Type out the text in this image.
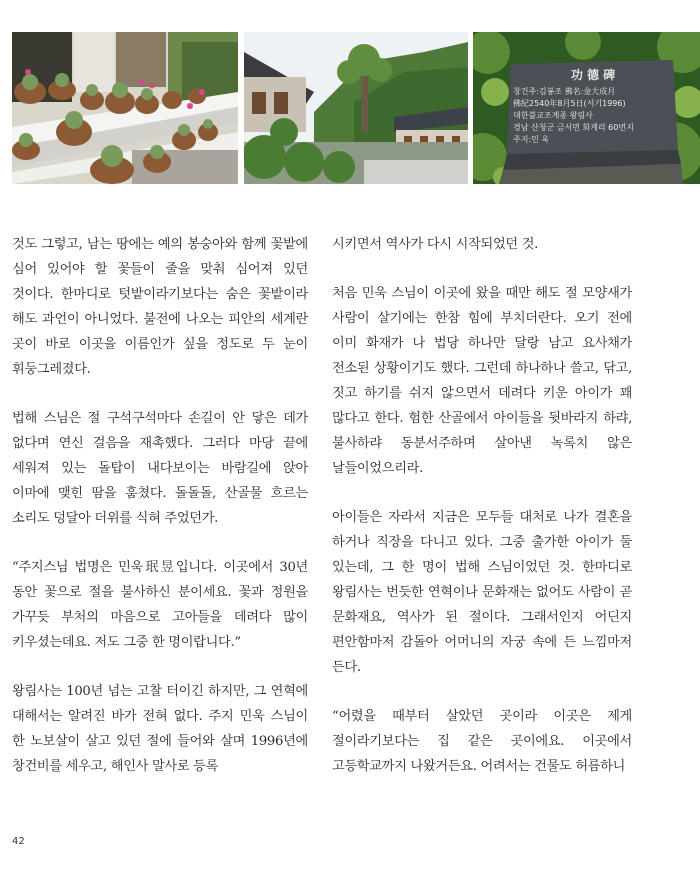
功 德 碑
창건주:김봉조 佛名:金大成月
佛紀2540年8月5日(서기1996)
대한불교조계종 왕림사
경남 산청군 금서면 화계리 60번지
주지:민 욱

것도 그렇고, 남는 땅에는 예의 봉숭아와 함께 꽃밭에 심어 있어야 할 꽃들이 줄을 맞춰 심어져 있던 것이다. 한마디로 텃밭이라기보다는 숨은 꽃밭이라 해도 과언이 아니었다. 불전에 나오는 피안의 세계란 곳이 바로 이곳을 이름인가 싶을 정도로 두 눈이 휘둥그레졌다.

법해 스님은 절 구석구석마다 손길이 안 닿은 데가 없다며 연신 걸음을 재촉했다. 그러다 마당 끝에 세워져 있는 돌탑이 내다보이는 바람길에 앉아 이마에 맺힌 땀을 훔쳤다. 돌돌돌, 산골물 흐르는 소리도 덩달아 더위를 식혀 주었던가.

“주지스님 법명은 민욱珉昱입니다. 이곳에서 30년 동안 꽃으로 절을 불사하신 분이세요. 꽃과 정원을 가꾸듯 부처의 마음으로 고아들을 데려다 많이 키우셨는데요. 저도 그중 한 명이랍니다.”

왕림사는 100년 넘는 고찰 터이긴 하지만, 그 연혁에 대해서는 알려진 바가 전혀 없다. 주지 민욱 스님이 한 노보살이 살고 있던 절에 들어와 살며 1996년에 창건비를 세우고, 해인사 말사로 등록

시키면서 역사가 다시 시작되었던 것.

처음 민욱 스님이 이곳에 왔을 때만 해도 절 모양새가 사람이 살기에는 한참 힘에 부치더란다. 오기 전에 이미 화재가 나 법당 하나만 달랑 남고 요사채가 전소된 상황이기도 했다. 그런데 하나하나 쓸고, 닦고, 짓고 하기를 쉬지 않으면서 데려다 키운 아이가 꽤 많다고 한다. 험한 산골에서 아이들을 뒷바라지 하랴, 불사하랴 동분서주하며 살아낸 녹록치 않은 날들이었으리라.

아이들은 자라서 지금은 모두들 대처로 나가 결혼을 하거나 직장을 다니고 있다. 그중 출가한 아이가 둘 있는데, 그 한 명이 법해 스님이었던 것. 한마디로 왕림사는 번듯한 연혁이나 문화재는 없어도 사람이 곧 문화재요, 역사가 된 절이다. 그래서인지 어딘지 편안함마저 감돌아 어머니의 자궁 속에 든 느낌마저 든다.

“어렸을 때부터 살았던 곳이라 이곳은 제게 절이라기보다는 집 같은 곳이에요. 이곳에서 고등학교까지 나왔거든요. 어려서는 건물도 허름하니

42
